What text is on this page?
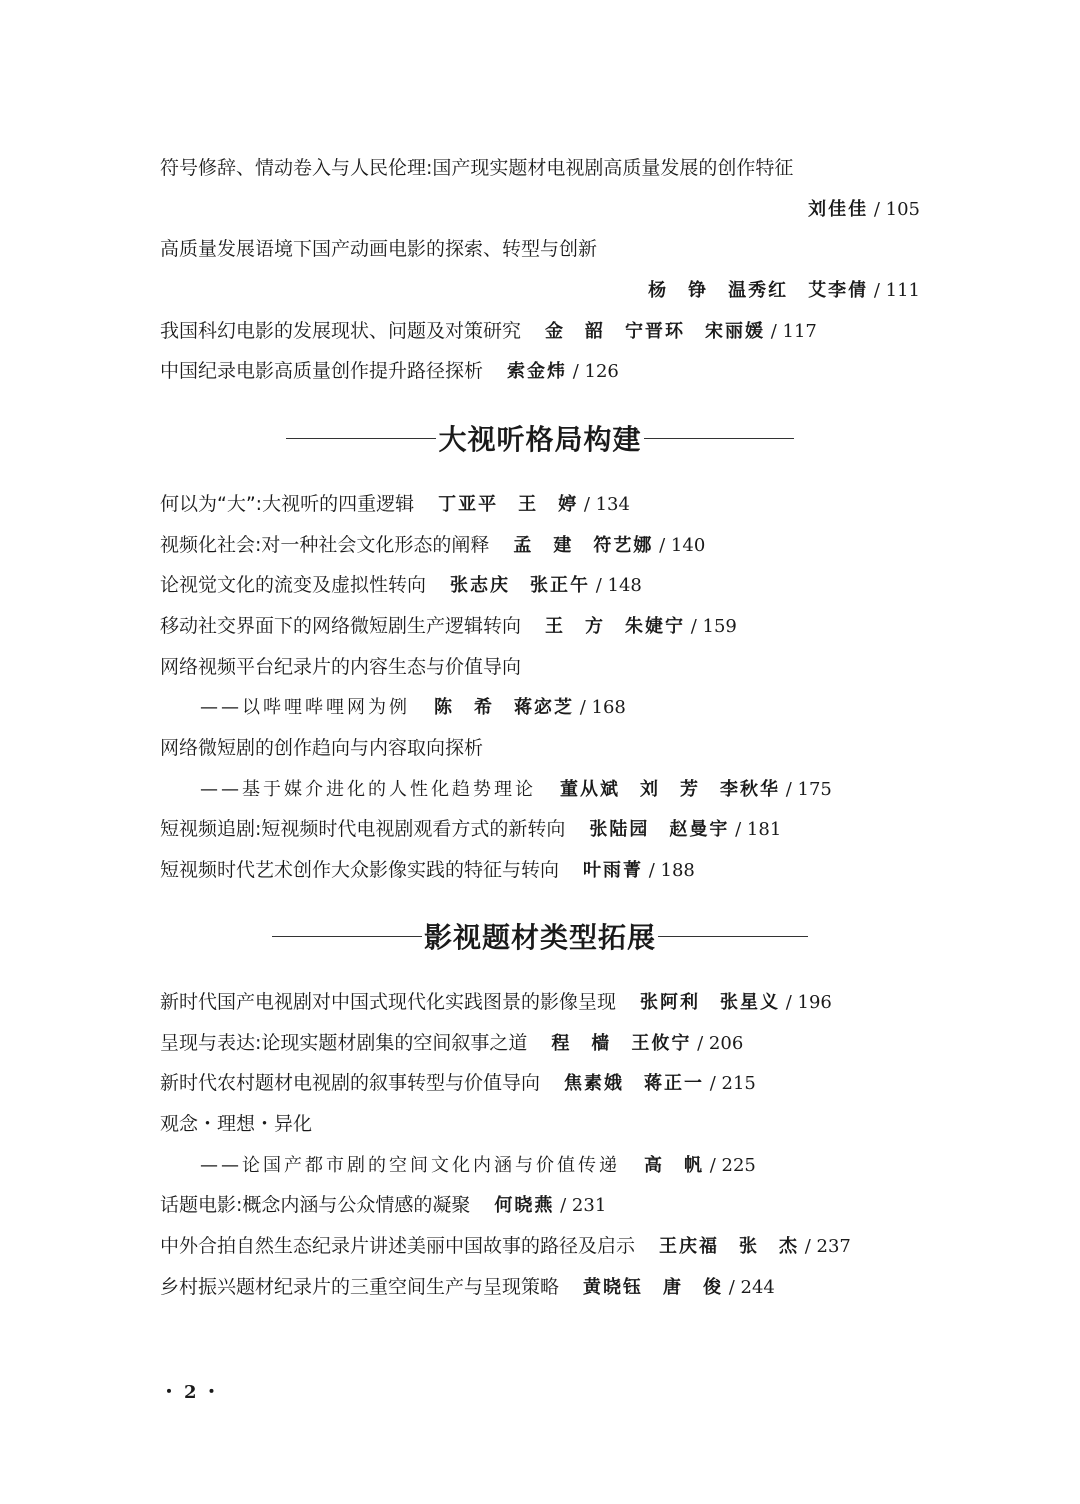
符号修辞、情动卷入与人民伦理:国产现实题材电视剧高质量发展的创作特征
刘佳佳 / 105
高质量发展语境下国产动画电影的探索、转型与创新
杨　铮　温秀红　艾李倩 / 111
我国科幻电影的发展现状、问题及对策研究 金　韶　宁晋环　宋丽媛 / 117
中国纪录电影高质量创作提升路径探析 索金炜 / 126
大视听格局构建
何以为“大”:大视听的四重逻辑 丁亚平　王　婷 / 134
视频化社会:对一种社会文化形态的阐释 孟　建　符艺娜 / 140
论视觉文化的流变及虚拟性转向 张志庆　张正午 / 148
移动社交界面下的网络微短剧生产逻辑转向 王　方　朱婕宁 / 159
网络视频平台纪录片的内容生态与价值导向
——以哔哩哔哩网为例 陈　希　蒋宓芝 / 168
网络微短剧的创作趋向与内容取向探析
——基于媒介进化的人性化趋势理论 董从斌　刘　芳　李秋华 / 175
短视频追剧:短视频时代电视剧观看方式的新转向 张陆园　赵曼宇 / 181
短视频时代艺术创作大众影像实践的特征与转向 叶雨菁 / 188
影视题材类型拓展
新时代国产电视剧对中国式现代化实践图景的影像呈现 张阿利　张星义 / 196
呈现与表达:论现实题材剧集的空间叙事之道 程　樯　王攸宁 / 206
新时代农村题材电视剧的叙事转型与价值导向 焦素娥　蒋正一 / 215
观念・理想・异化
——论国产都市剧的空间文化内涵与价值传递 高　帆 / 225
话题电影:概念内涵与公众情感的凝聚 何晓燕 / 231
中外合拍自然生态纪录片讲述美丽中国故事的路径及启示 王庆福　张　杰 / 237
乡村振兴题材纪录片的三重空间生产与呈现策略 黄晓钰　唐　俊 / 244
・2・
